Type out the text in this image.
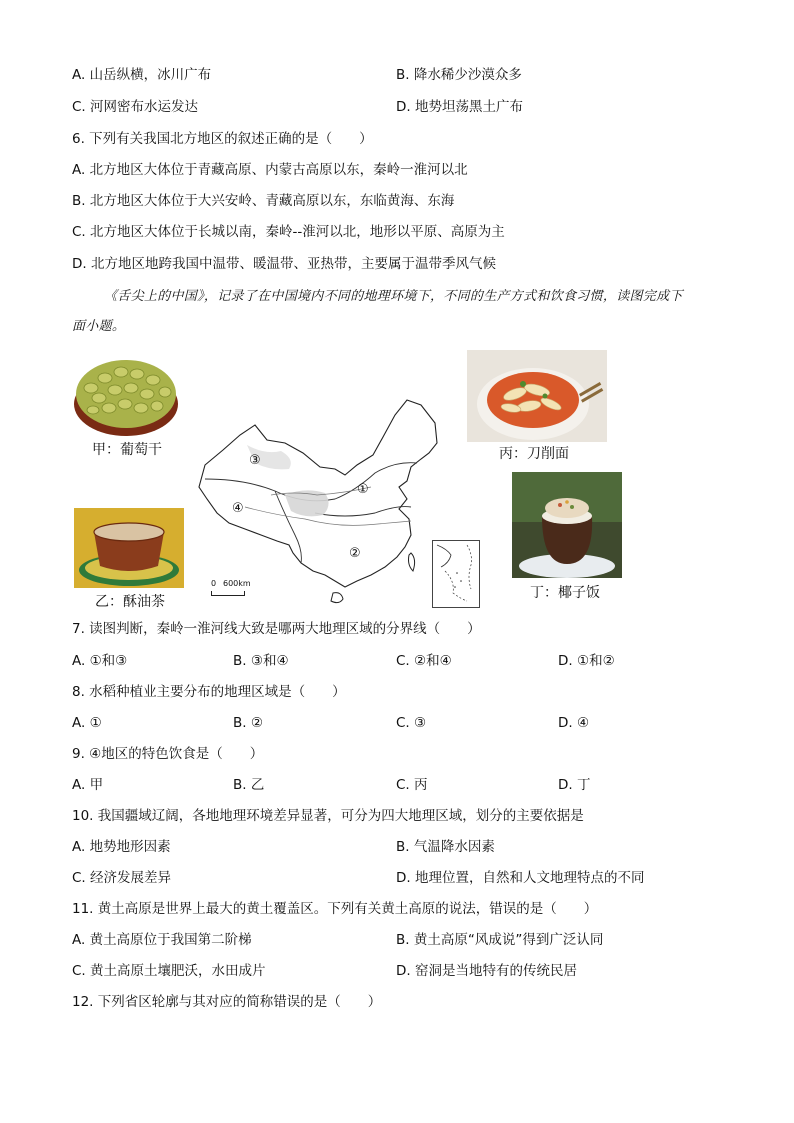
A. 山岳纵横，冰川广布	B. 降水稀少沙漠众多
C. 河网密布水运发达	D. 地势坦荡黑土广布
6. 下列有关我国北方地区的叙述正确的是（　　）
A. 北方地区大体位于青藏高原、内蒙古高原以东，秦岭一淮河以北
B. 北方地区大体位于大兴安岭、青藏高原以东，东临黄海、东海
C. 北方地区大体位于长城以南，秦岭--淮河以北，地形以平原、高原为主
D. 北方地区地跨我国中温带、暖温带、亚热带，主要属于温带季风气候
《舌尖上的中国》，记录了在中国境内不同的地理环境下，不同的生产方式和饮食习惯，读图完成下
面小题。
甲：葡萄干
乙：酥油茶
丙：刀削面
丁：椰子饭
③
④
①
②
0 600km
7. 读图判断，秦岭一淮河线大致是哪两大地理区域的分界线（　　）
A. ①和③	B. ③和④	C. ②和④	D. ①和②
8. 水稻种植业主要分布的地理区域是（　　）
A. ①	B. ②	C. ③	D. ④
9. ④地区的特色饮食是（　　）
A. 甲	B. 乙	C. 丙	D. 丁
10. 我国疆域辽阔，各地地理环境差异显著，可分为四大地理区域，划分的主要依据是
A. 地势地形因素	B. 气温降水因素
C. 经济发展差异	D. 地理位置，自然和人文地理特点的不同
11. 黄土高原是世界上最大的黄土覆盖区。下列有关黄土高原的说法，错误的是（　　）
A. 黄土高原位于我国第二阶梯	B. 黄土高原“风成说”得到广泛认同
C. 黄土高原土壤肥沃，水田成片	D. 窑洞是当地特有的传统民居
12. 下列省区轮廓与其对应的简称错误的是（　　）
